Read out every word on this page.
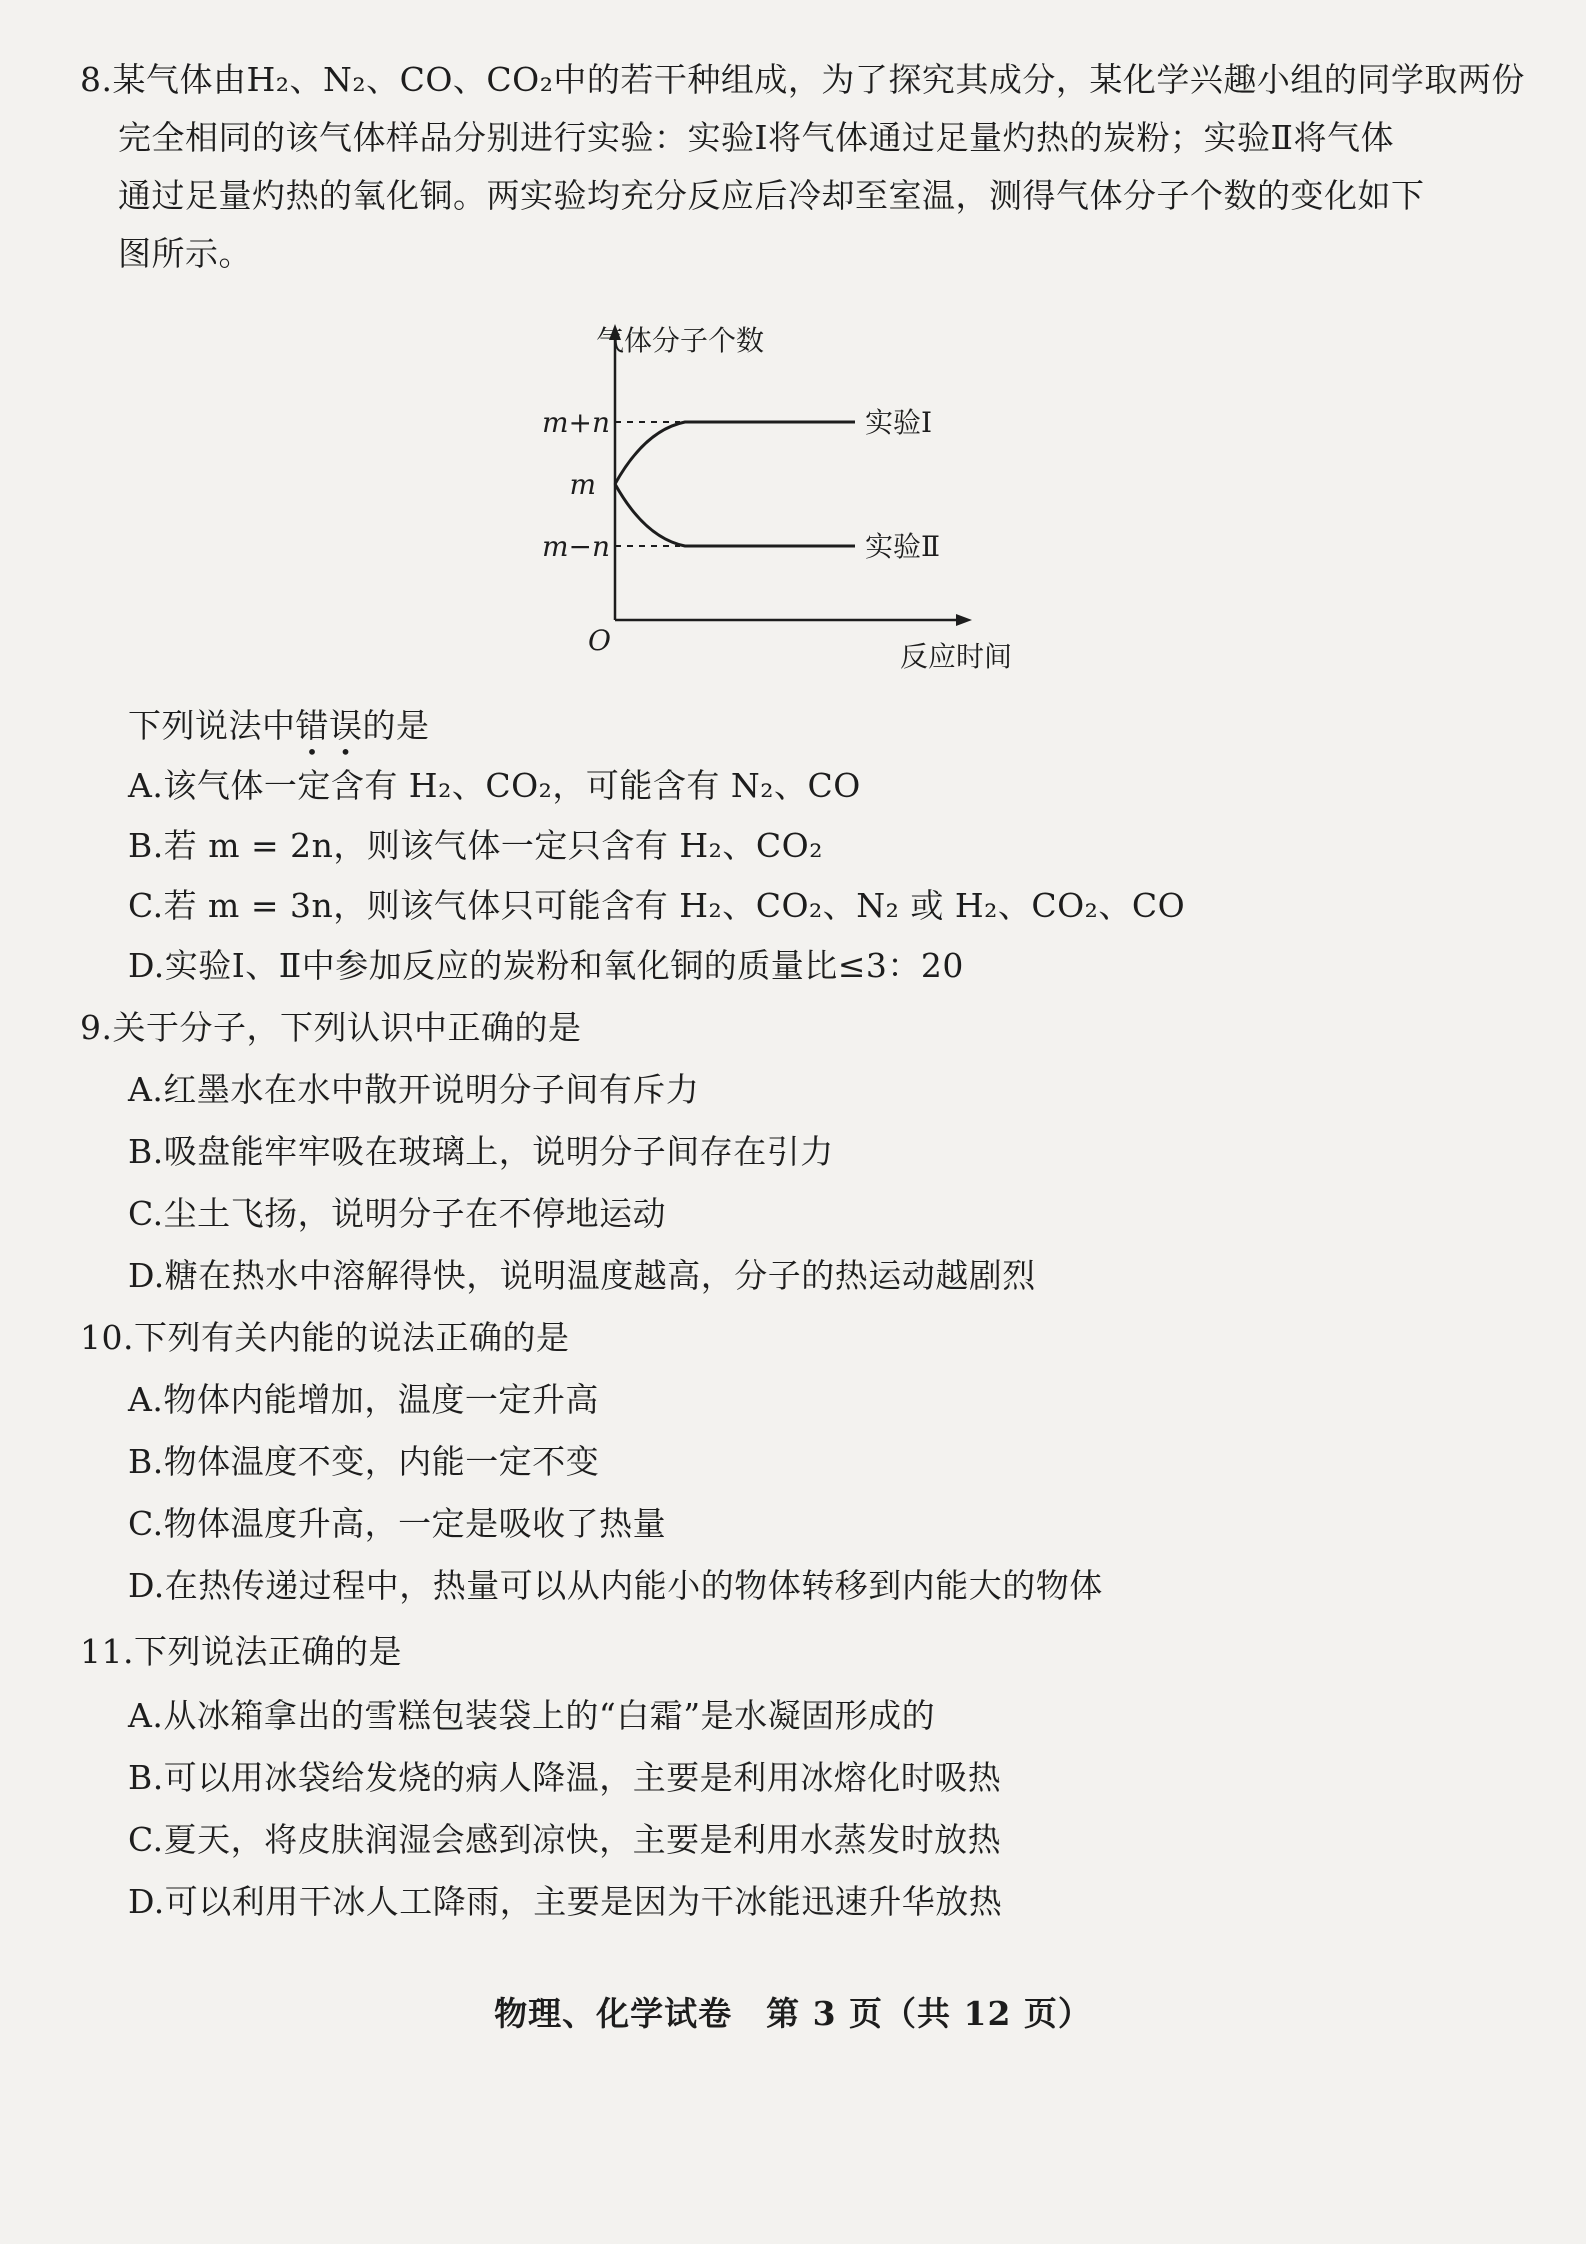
8.某气体由H₂、N₂、CO、CO₂中的若干种组成，为了探究其成分，某化学兴趣小组的同学取两份
完全相同的该气体样品分别进行实验：实验Ⅰ将气体通过足量灼热的炭粉；实验Ⅱ将气体
通过足量灼热的氧化铜。两实验均充分反应后冷却至室温，测得气体分子个数的变化如下
图所示。
气体分子个数
m+n
m
m−n
O	反应时间
实验Ⅰ
实验Ⅱ
下列说法中错误的是
A.该气体一定含有 H₂、CO₂，可能含有 N₂、CO
B.若 m = 2n，则该气体一定只含有 H₂、CO₂
C.若 m = 3n，则该气体只可能含有 H₂、CO₂、N₂ 或 H₂、CO₂、CO
D.实验Ⅰ、Ⅱ中参加反应的炭粉和氧化铜的质量比≤3：20
9.关于分子，下列认识中正确的是
A.红墨水在水中散开说明分子间有斥力
B.吸盘能牢牢吸在玻璃上，说明分子间存在引力
C.尘土飞扬，说明分子在不停地运动
D.糖在热水中溶解得快，说明温度越高，分子的热运动越剧烈
10.下列有关内能的说法正确的是
A.物体内能增加，温度一定升高
B.物体温度不变，内能一定不变
C.物体温度升高，一定是吸收了热量
D.在热传递过程中，热量可以从内能小的物体转移到内能大的物体
11.下列说法正确的是
A.从冰箱拿出的雪糕包装袋上的“白霜”是水凝固形成的
B.可以用冰袋给发烧的病人降温，主要是利用冰熔化时吸热
C.夏天，将皮肤润湿会感到凉快，主要是利用水蒸发时放热
D.可以利用干冰人工降雨，主要是因为干冰能迅速升华放热
物理、化学试卷　第 3 页（共 12 页）
